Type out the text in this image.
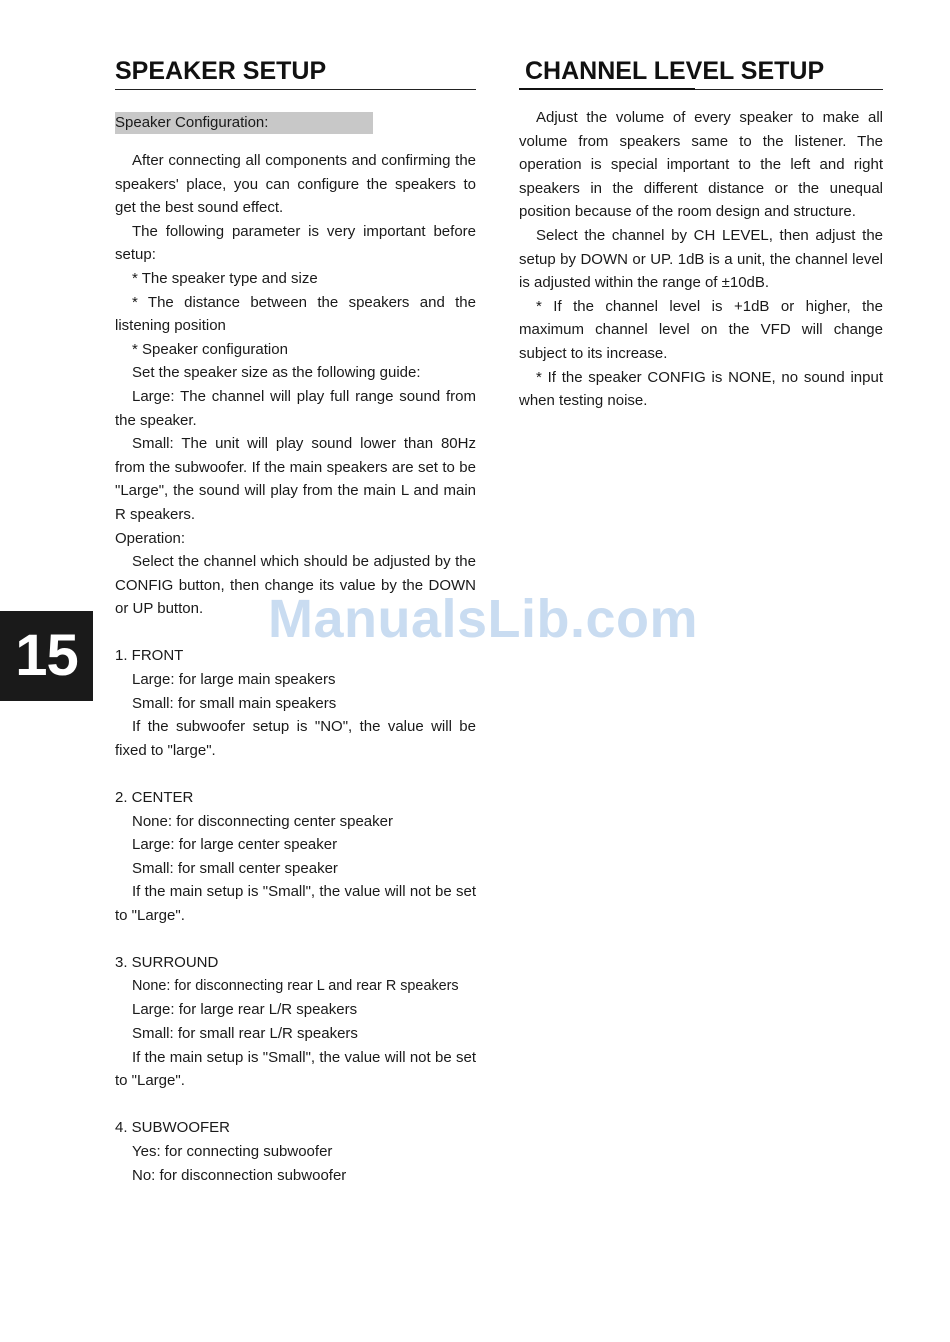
15
SPEAKER SETUP
Speaker Configuration:

After connecting all components and confirming the speakers' place, you can configure the speakers to get the best sound effect.

The following parameter is very important before setup:

* The speaker type and size

* The distance between the speakers and the listening position

* Speaker configuration

Set the speaker size as the following guide:

Large: The channel will play full range sound from the speaker.

Small: The unit will play sound lower than 80Hz from the subwoofer. If the main speakers are set to be "Large", the sound will play from the main L and main R speakers.

Operation:

Select the channel which should be adjusted by the CONFIG button, then change its value by the DOWN or UP button.

1. FRONT

Large: for large main speakers

Small: for small main speakers

If the subwoofer setup is "NO", the value will be fixed to "large".

2. CENTER

None: for disconnecting center speaker

Large: for large center speaker

Small: for small center speaker

If the main setup is "Small", the value will not be set to "Large".

3. SURROUND

None: for disconnecting rear L and rear R speakers

Large: for large rear L/R speakers

Small: for small rear L/R speakers

If the main setup is "Small", the value will not be set to "Large".

4. SUBWOOFER

Yes: for connecting subwoofer

No: for disconnection subwoofer

CHANNEL LEVEL SETUP

Adjust the volume of every speaker to make all volume from speakers same to the listener. The operation is special important to the left and right speakers in the different distance or the unequal position because of the room design and structure.

Select the channel by CH LEVEL, then adjust the setup by DOWN or UP. 1dB is a unit, the channel level is adjusted within the range of ±10dB.

* If the channel level is +1dB or higher, the maximum channel level on the VFD will change subject to its increase.

* If the speaker CONFIG is NONE, no sound input when testing noise.

ManualsLib.com
